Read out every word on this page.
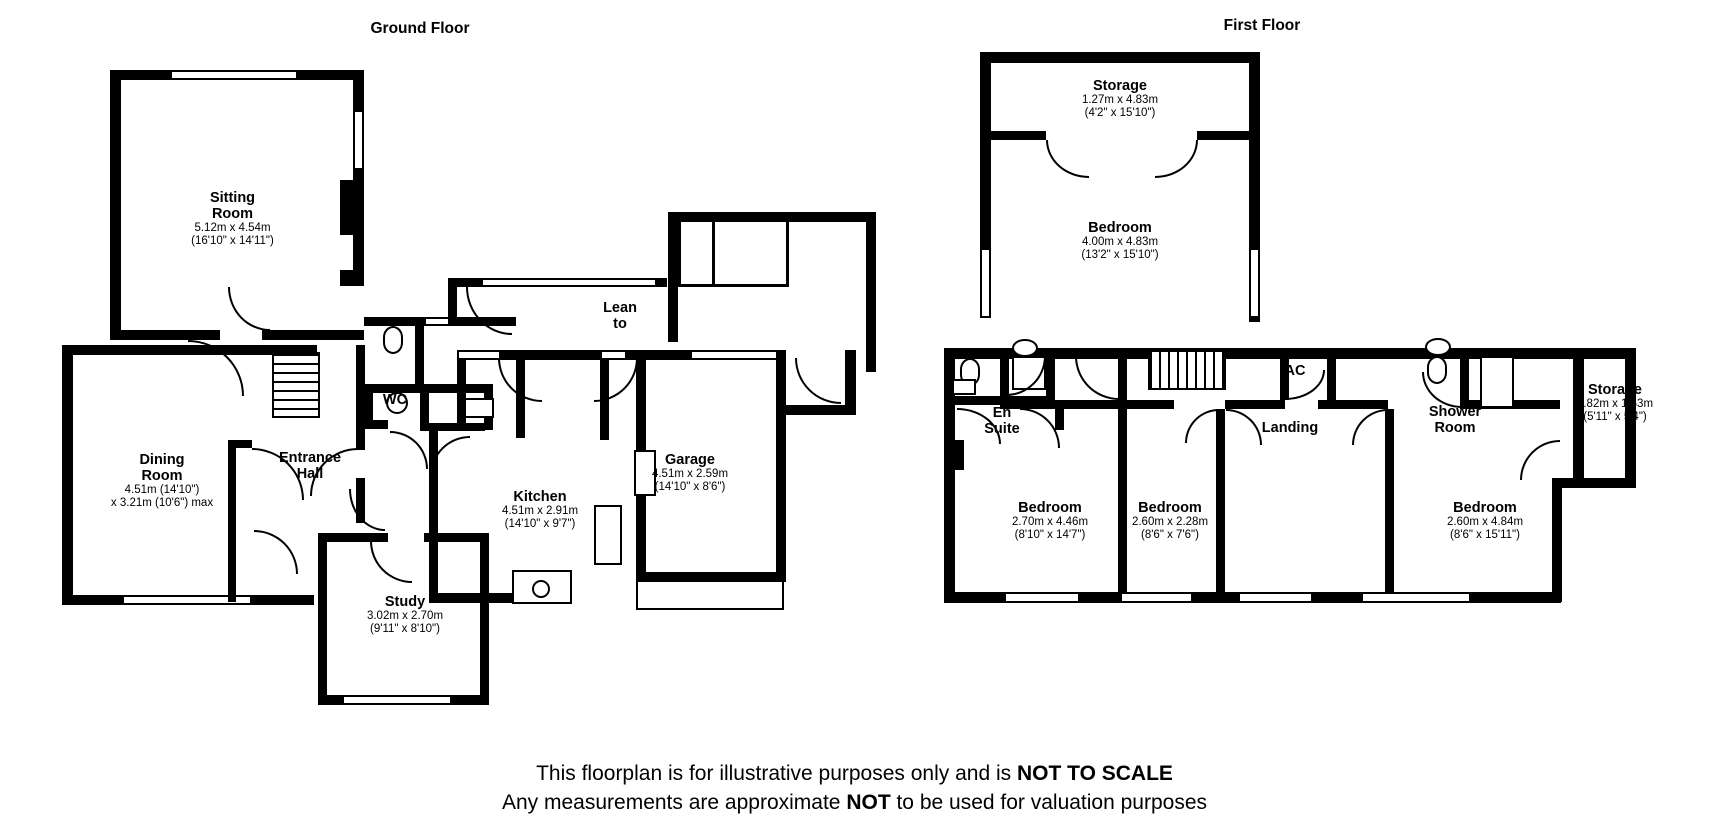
Ground Floor	First Floor
Sitting
Room
5.12m x 4.54m
(16'10" x 14'11")
Dining
Room
4.51m (14'10")
x 3.21m (10'6") max
Entrance
Hall
WC
Lean
to
Kitchen
4.51m x 2.91m
(14'10" x 9'7")
Garage
4.51m x 2.59m
(14'10" x 8'6")
Study
3.02m x 2.70m
(9'11" x 8'10")
Storage
1.27m x 4.83m
(4'2" x 15'10")
Bedroom
4.00m x 4.83m
(13'2" x 15'10")
En
Suite
AC
Landing
Shower
Room
Storage
1.82m x 1.63m
(5'11" x 5'4")
Bedroom
2.70m x 4.46m
(8'10" x 14'7")
Bedroom
2.60m x 2.28m
(8'6" x 7'6")
Bedroom
2.60m x 4.84m
(8'6" x 15'11")
This floorplan is for illustrative purposes only and is NOT TO SCALE
Any measurements are approximate NOT to be used for valuation purposes
